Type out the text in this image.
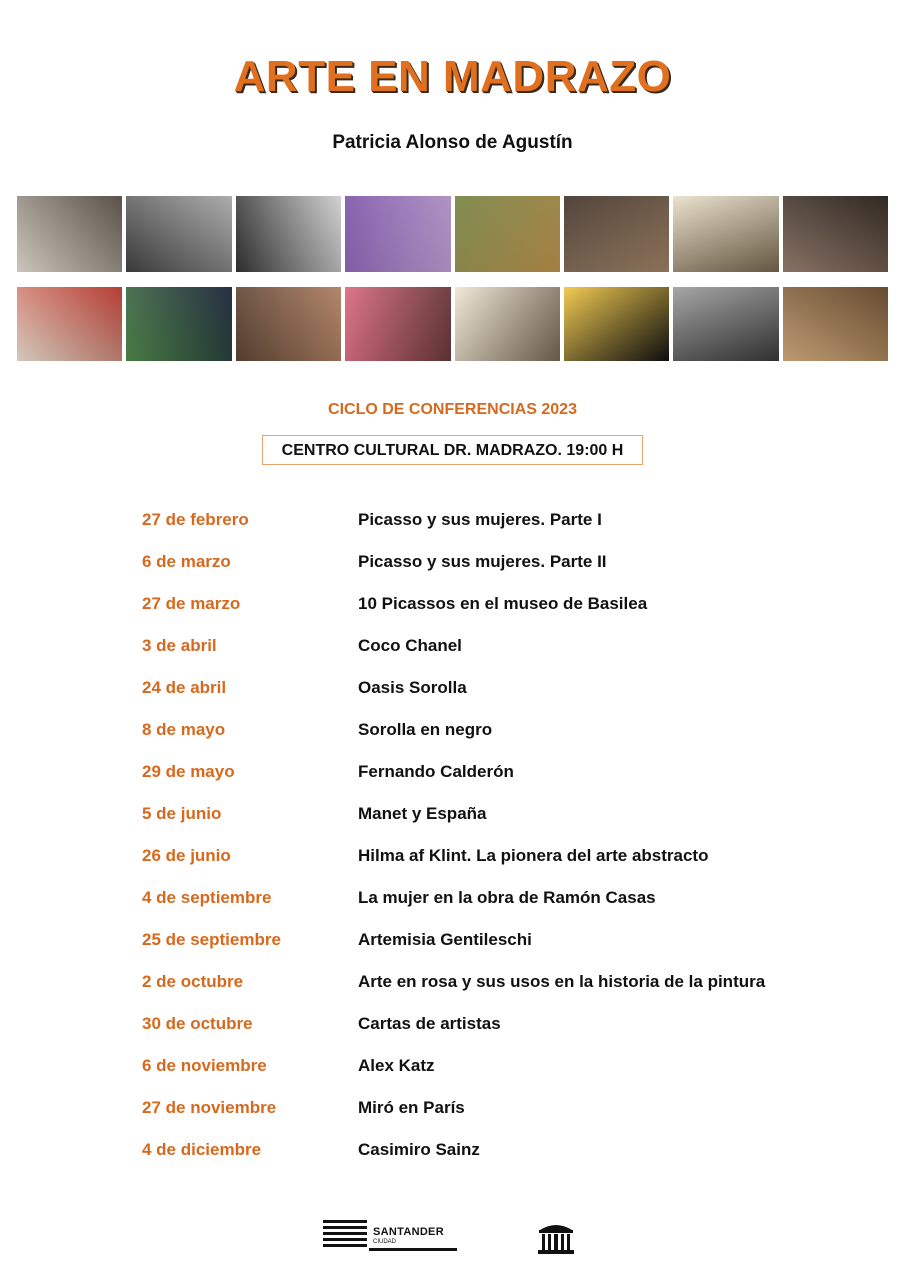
ARTE EN MADRAZO
Patricia Alonso de Agustín
CICLO DE CONFERENCIAS 2023
CENTRO CULTURAL DR. MADRAZO. 19:00 H
27 de febrero	Picasso y sus mujeres. Parte I
6 de marzo	Picasso y sus mujeres. Parte II
27 de marzo	10 Picassos en el museo de Basilea
3 de abril	Coco Chanel
24 de abril	Oasis Sorolla
8 de mayo	Sorolla en negro
29 de mayo	Fernando Calderón
5 de junio	Manet y España
26 de junio	Hilma af Klint. La pionera del arte abstracto
4 de septiembre	La mujer en la obra de Ramón Casas
25 de septiembre	Artemisia Gentileschi
2 de octubre	Arte en rosa y sus usos en la historia de la pintura
30 de octubre	Cartas de artistas
6 de noviembre	Alex Katz
27 de noviembre	Miró en París
4 de diciembre	Casimiro Sainz
SANTANDER
CIUDAD
